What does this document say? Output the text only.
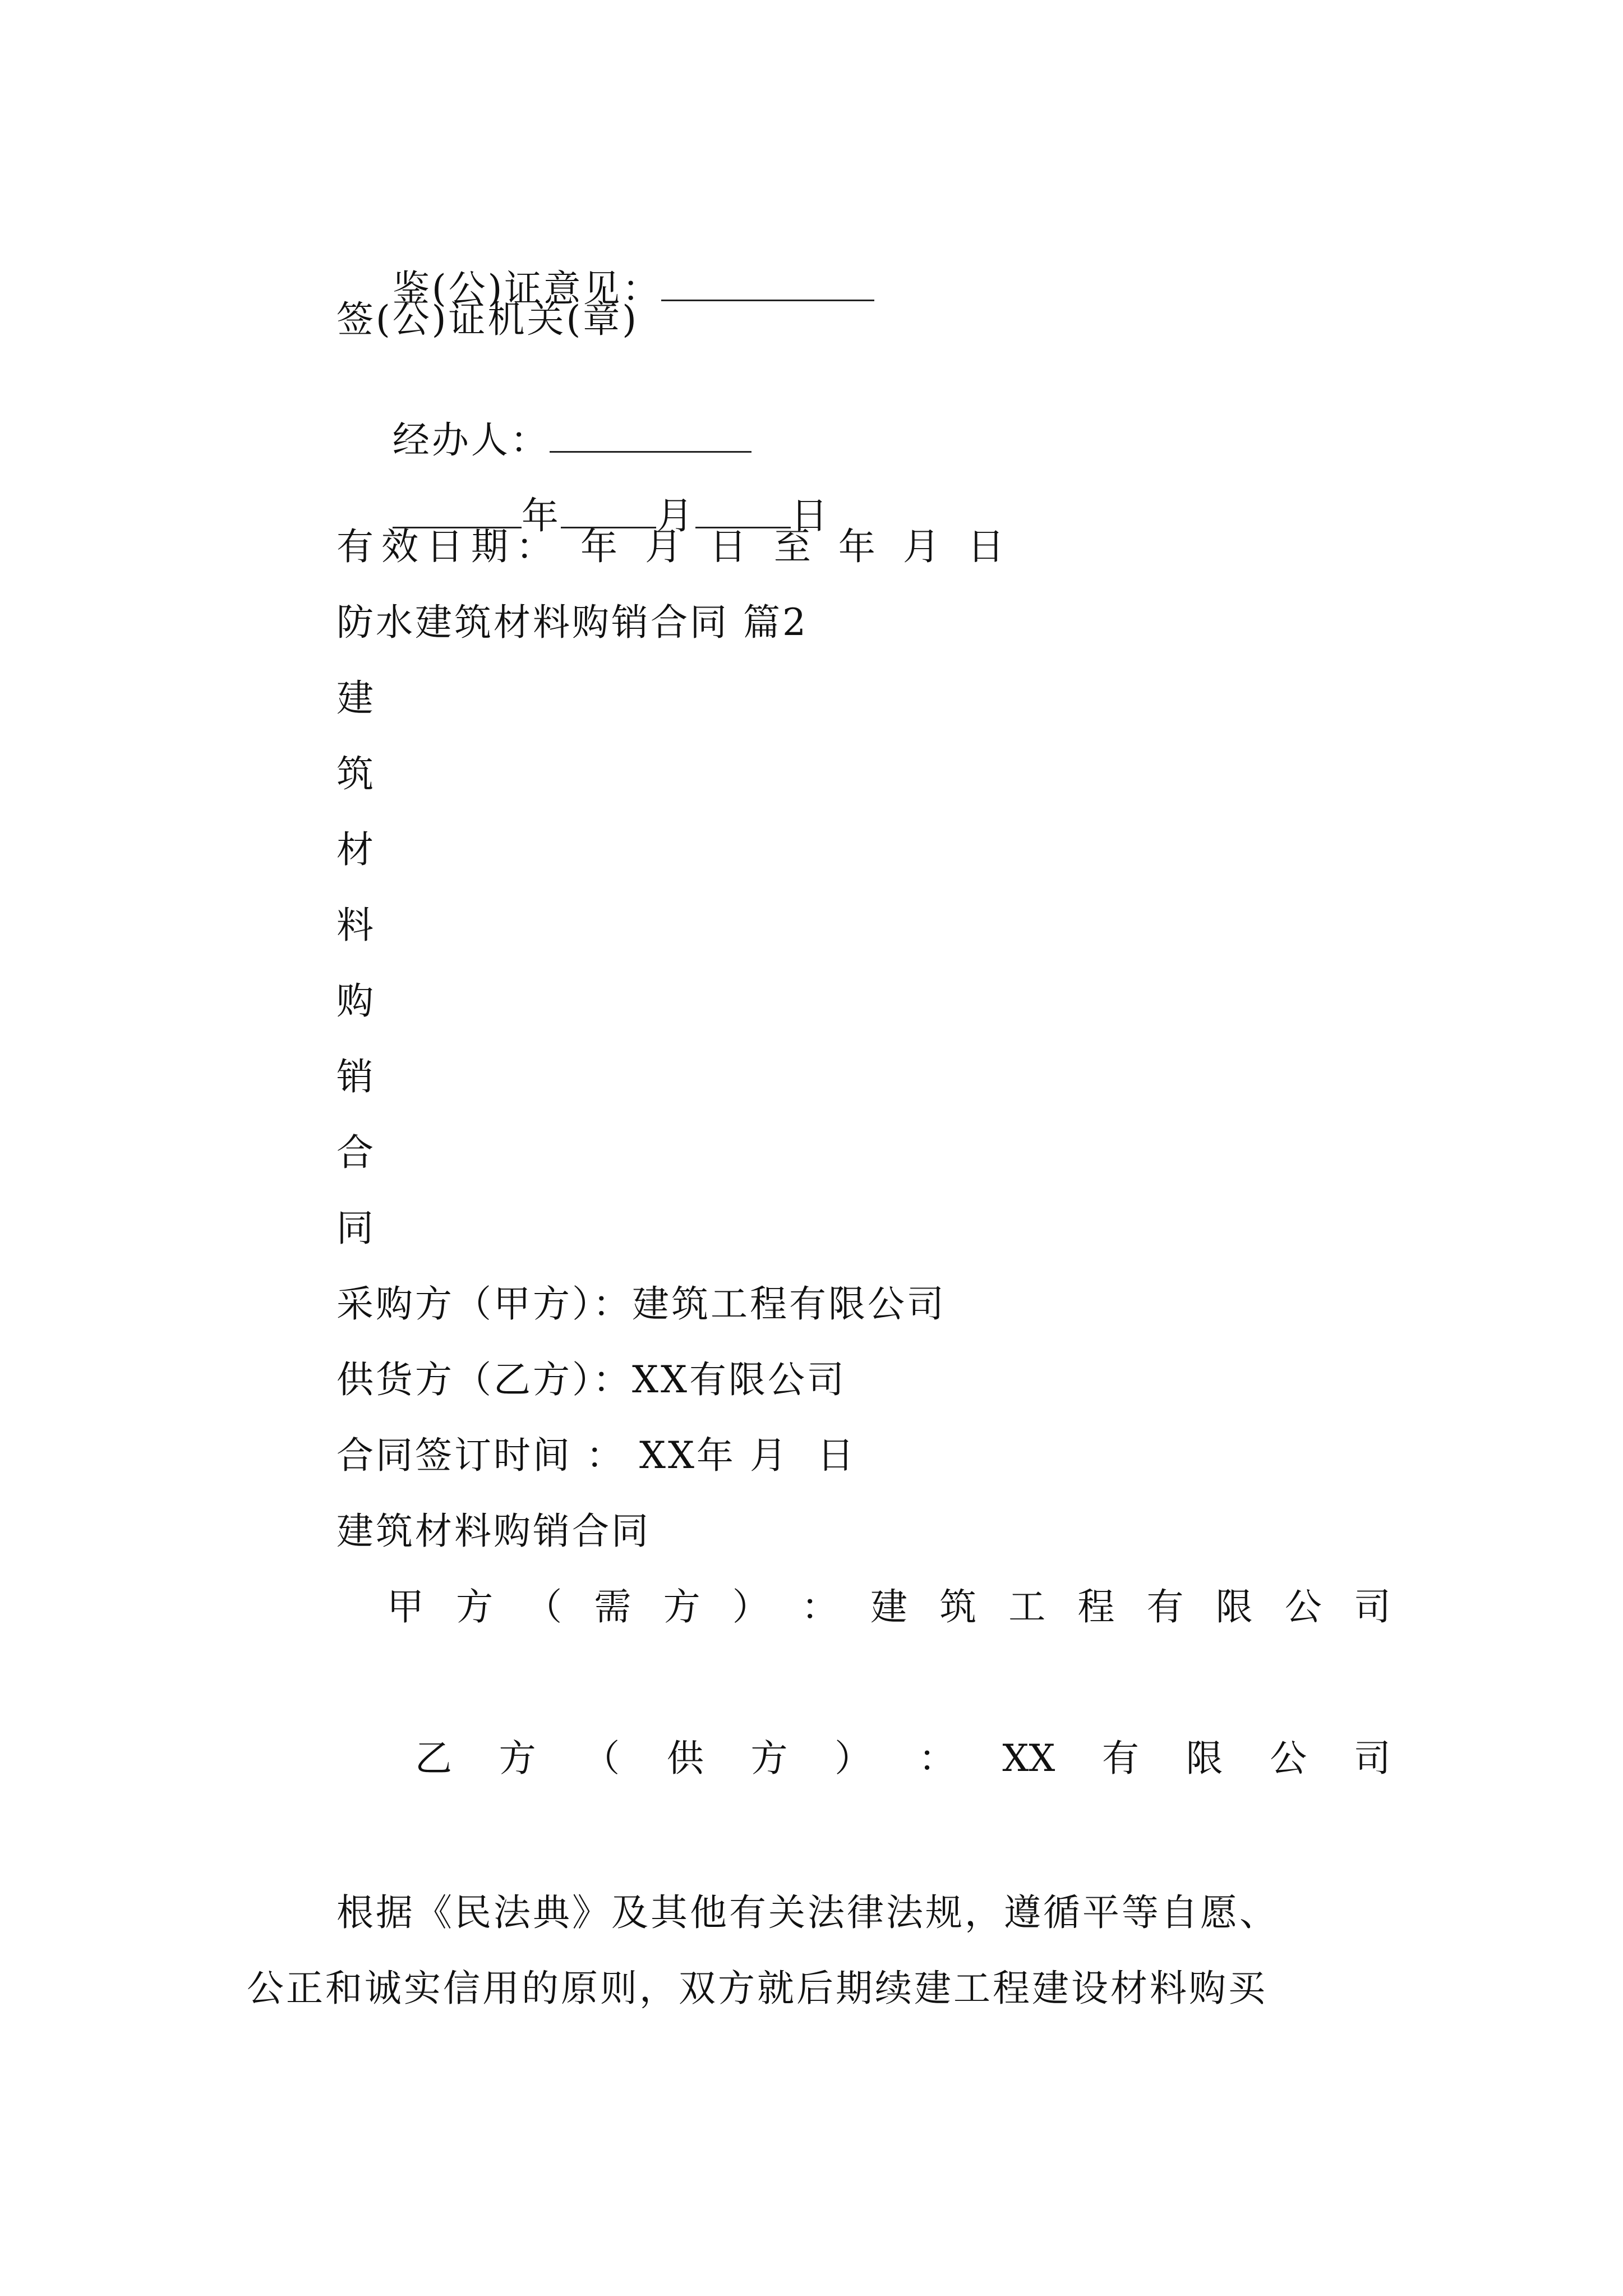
鉴(公)证意见：

签(公)证机关(章)

经办人：

年	月	日

有效日期： 年 月 日 至 年 月 日
防水建筑材料购销合同 篇2
建
筑
材
料
购
销
合
同
采购方（甲方）：建筑工程有限公司
供货方（乙方）：XX有限公司
合同签订时间 ： XX年 月  日
建筑材料购销合同
甲 方 （ 需 方 ） ： 建 筑 工 程 有 限 公 司
乙 方 （ 供 方 ） ： XX 有 限 公 司
根据《民法典》及其他有关法律法规，遵循平等自愿、
公正和诚实信用的原则，双方就后期续建工程建设材料购买
